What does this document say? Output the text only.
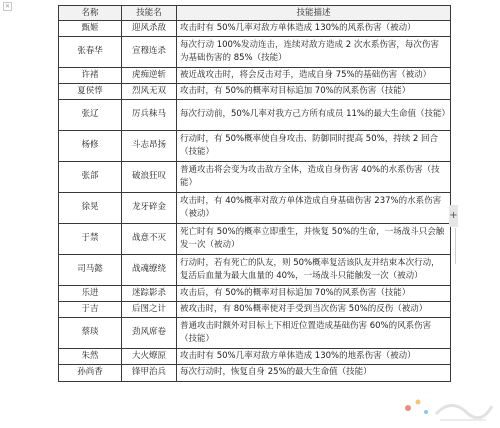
✕
名称	技能名	技能描述
甄姬	迎风杀敌	攻击时有 50%几率对敌方单体造成 130%的风系伤害（被动）
张春华	宣穆连杀	每次行动 100%发动连击，连续对敌方造成 2 次水系伤害，每次伤害为基础伤害的 85%（技能）
许褚	虎痴逆斩	被近战攻击时，将会反击对手，造成自身 75%的基础伤害（被动）
夏侯惇	烈风无双	攻击时，有 50%的概率对目标追加 70%的风系伤害（技能）
张辽	厉兵秣马	每次行动前，50%几率对我方己方所有成员 11%的最大生命值（技能）
杨修	斗志昂扬	行动时，有 50%概率使自身攻击、防御同时提高 50%，持续 2 回合（技能）
张郃	破浪狂叹	普通攻击将会变为攻击敌方全体，造成自身伤害 40%的水系伤害（技能）
徐晃	龙牙碎金	攻击时，有 40%概率对敌方单体造成自身基础伤害 237%的水系伤害（被动）
于禁	战意不灭	死亡时有 50%的概率立即重生，并恢复 50%的生命，一场战斗只会触发一次（被动）
司马懿	战魂缭绕	行动时，若有死亡的队友，则 50%概率复活该队友并结束本次行动，复活后血量为最大血量的 40%，一场战斗只能触发一次（被动）
乐进	迷踪影杀	攻击后，有 50%的概率对目标追加 70%的风系伤害（技能）
于吉	后图之计	被攻击时，有 80%概率使对手受到当次伤害 50%的反伤（被动）
蔡琰	劲风席卷	普通攻击时额外对目标上下相近位置造成基础伤害 60%的风系伤害（技能）
朱然	大火燎原	攻击时有 50%几率对敌方单体造成 130%的地系伤害（被动）
孙尚香	锋甲治兵	每次行动时，恢复自身 25%的最大生命值（技能）
+
